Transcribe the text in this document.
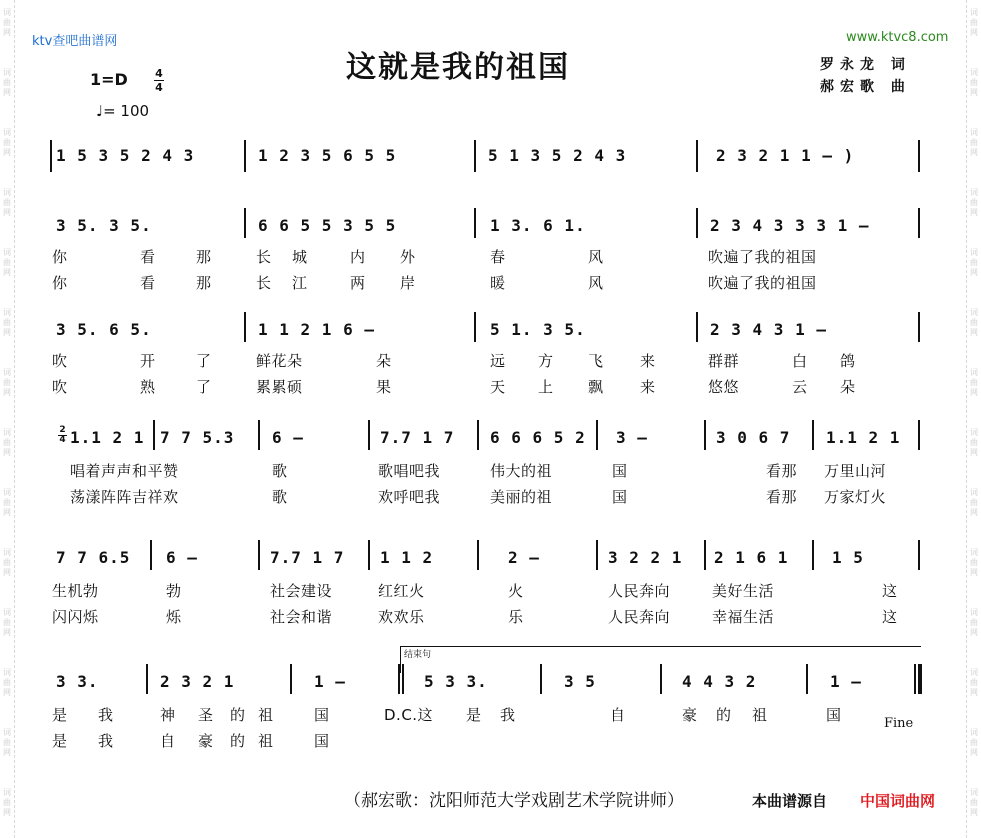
词
曲
网
词
曲
网
词
曲
网
词
曲
网
词
曲
网
词
曲
网
词
曲
网
词
曲
网
词
曲
网
词
曲
网
词
曲
网
词
曲
网
词
曲
网
词
曲
网
词
曲
网
词
曲
网
词
曲
网
词
曲
网
词
曲
网
词
曲
网
词
曲
网
词
曲
网
词
曲
网
词
曲
网
词
曲
网
词
曲
网
词
曲
网
词
曲
网
ktv查吧曲谱网	www.ktvc8.com
这就是我的祖国	罗永龙 词
郝宏歌 曲
1=D 4
4
♩= 100
1 5 3 5 2 4 3	1 2 3 5 6 5 5	5 1 3 5 2 4 3	2 3 2 1 1 – )
3 5. 3 5.	6 6 5 5 3 5 5	1 3. 6 1.	2 3 4 3 3 3 1 –
你	看	那	长 城	内 外	春	风	吹遍了我的祖国
你	看	那	长 江	两 岸	暖	风	吹遍了我的祖国
3 5. 6 5.	1 1 2 1 6 –	5 1. 3 5.	2 3 4 3 1 –
吹	开	了	鲜花朵	朵	远 方 飞 来	群群	白 鸽
吹	熟	了	累累硕	果	天 上 飘 来	悠悠	云 朵
2
4 1.1 2 1 7 7 5.3 6 –	7.7 1 7 6 6 6 5 2 3 –	3 0 6 7 1.1 2 1
唱着声声和平赞	歌	歌唱吧我	伟大的祖	国	看那 万里山河
荡漾阵阵吉祥欢	歌	欢呼吧我	美丽的祖	国	看那 万家灯火
7 7 6.5 6 –	7.7 1 7 1 1 2	2 –	3 2 2 1 2 1 6 1	1 5
生机勃	勃	社会建设	红红火	火	人民奔向	美好生活	这
闪闪烁	烁	社会和谐	欢欢乐	乐	人民奔向	幸福生活	这
结束句
3 3.	2 3 2 1	1 –	5 3 3.	3 5	4 4 3 2	1 –
是 我	神 圣 的 祖	国	D.C.这 是 我	自	豪 的 祖	国	Fine
是 我	自 豪 的 祖	国
（郝宏歌：沈阳师范大学戏剧艺术学院讲师）	本曲谱源自 中国词曲网
